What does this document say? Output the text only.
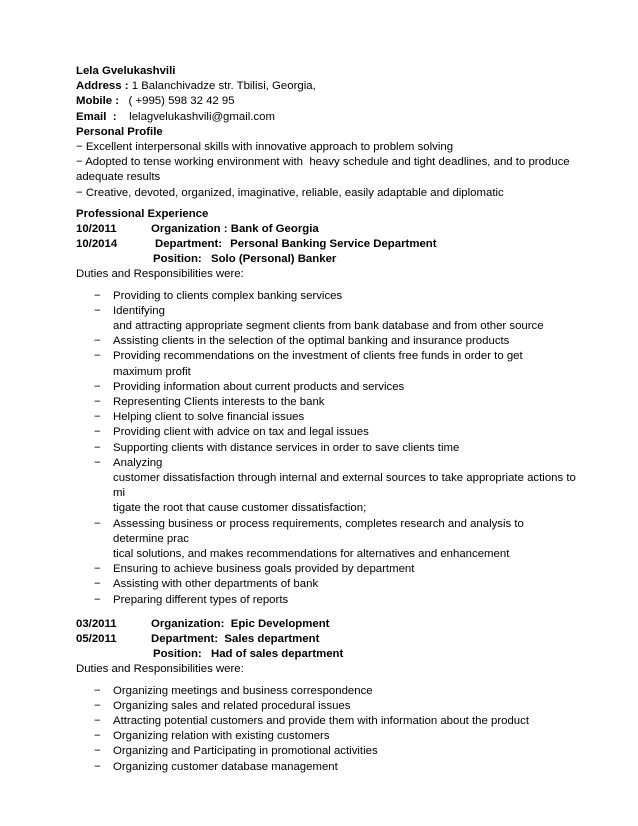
Lela Gvelukashvili
Address : 1 Balanchivadze str. Tbilisi, Georgia,
Mobile :   ( +995) 598 32 42 95
Email  :    lelagvelukashvili@gmail.com
Personal Profile
− Excellent interpersonal skills with innovative approach to problem solving
− Adopted to tense working environment with  heavy schedule and tight deadlines, and to produce
adequate results
− Creative, devoted, organized, imaginative, reliable, easily adaptable and diplomatic
Professional Experience
10/2011	Organization : Bank of Georgia
10/2014	Department: Personal Banking Service Department
Position: Solo (Personal) Banker
Duties and Responsibilities were:
− Providing to clients complex banking services
− Identifying
and attracting appropriate segment clients from bank database and from other source
− Assisting clients in the selection of the optimal banking and insurance products
− Providing recommendations on the investment of clients free funds in order to get
maximum profit
− Providing information about current products and services
− Representing Clients interests to the bank
− Helping client to solve financial issues
− Providing client with advice on tax and legal issues
− Supporting clients with distance services in order to save clients time
− Analyzing
customer dissatisfaction through internal and external sources to take appropriate actions to mi
tigate the root that cause customer dissatisfaction;
− Assessing business or process requirements, completes research and analysis to determine prac
tical solutions, and makes recommendations for alternatives and enhancement
− Ensuring to achieve business goals provided by department
− Assisting with other departments of bank
− Preparing different types of reports
03/2011	Organization:  Epic Development
05/2011	Department:  Sales department
Position: Had of sales department
Duties and Responsibilities were:
− Organizing meetings and business correspondence
− Organizing sales and related procedural issues
− Attracting potential customers and provide them with information about the product
− Organizing relation with existing customers
− Organizing and Participating in promotional activities
− Organizing customer database management
